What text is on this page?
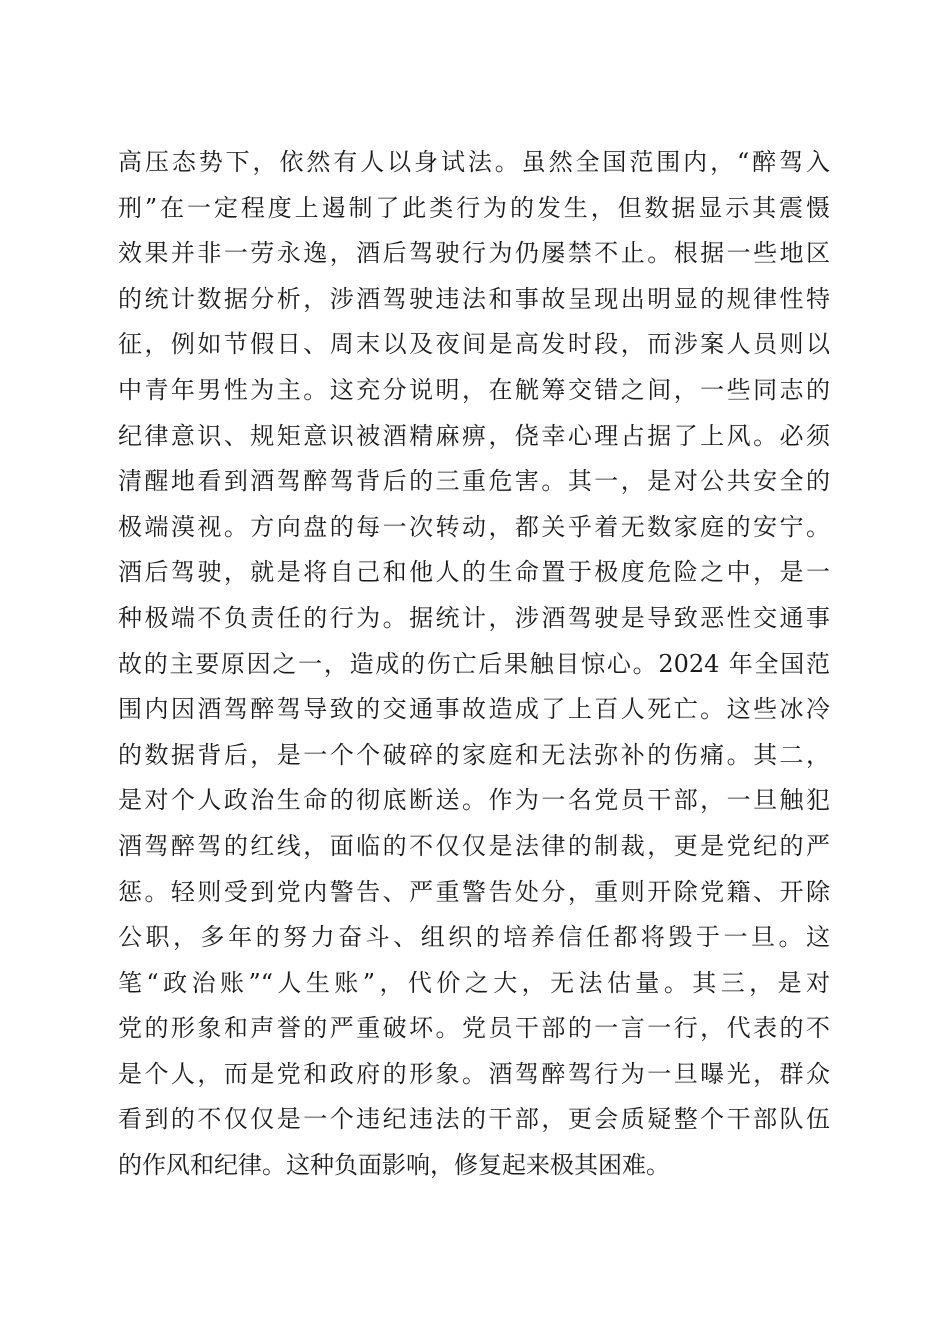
高压态势下，依然有人以身试法。虽然全国范围内，“醉驾入
刑”在一定程度上遏制了此类行为的发生，但数据显示其震慑
效果并非一劳永逸，酒后驾驶行为仍屡禁不止。根据一些地区
的统计数据分析，涉酒驾驶违法和事故呈现出明显的规律性特
征，例如节假日、周末以及夜间是高发时段，而涉案人员则以
中青年男性为主。这充分说明，在觥筹交错之间，一些同志的
纪律意识、规矩意识被酒精麻痹，侥幸心理占据了上风。必须
清醒地看到酒驾醉驾背后的三重危害。其一，是对公共安全的
极端漠视。方向盘的每一次转动，都关乎着无数家庭的安宁。
酒后驾驶，就是将自己和他人的生命置于极度危险之中，是一
种极端不负责任的行为。据统计，涉酒驾驶是导致恶性交通事
故的主要原因之一，造成的伤亡后果触目惊心。2024 年全国范
围内因酒驾醉驾导致的交通事故造成了上百人死亡。这些冰冷
的数据背后，是一个个破碎的家庭和无法弥补的伤痛。其二，
是对个人政治生命的彻底断送。作为一名党员干部，一旦触犯
酒驾醉驾的红线，面临的不仅仅是法律的制裁，更是党纪的严
惩。轻则受到党内警告、严重警告处分，重则开除党籍、开除
公职，多年的努力奋斗、组织的培养信任都将毁于一旦。这
笔“政治账”“人生账”，代价之大，无法估量。其三，是对
党的形象和声誉的严重破坏。党员干部的一言一行，代表的不
是个人，而是党和政府的形象。酒驾醉驾行为一旦曝光，群众
看到的不仅仅是一个违纪违法的干部，更会质疑整个干部队伍
的作风和纪律。这种负面影响，修复起来极其困难。
